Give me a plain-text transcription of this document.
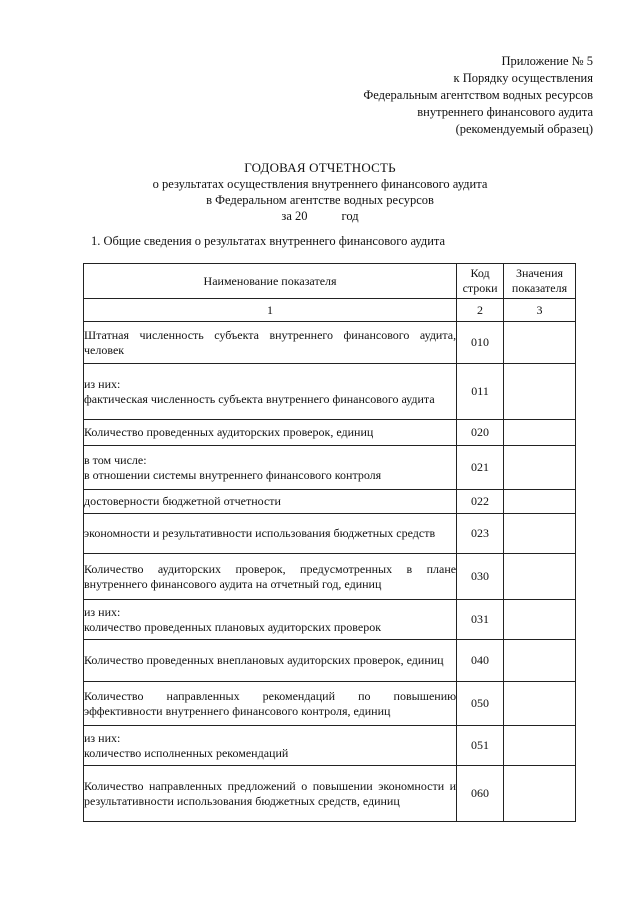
Приложение № 5
к Порядку осуществления
Федеральным агентством водных ресурсов
внутреннего финансового аудита
(рекомендуемый образец)
ГОДОВАЯ ОТЧЕТНОСТЬ
о результатах осуществления внутреннего финансового аудита
в Федеральном агентстве водных ресурсов
за 20	год
1. Общие сведения о результатах внутреннего финансового аудита
Наименование показателя	Код строки	Значения показателя
1	2	3

Штатная численность субъекта внутреннего финансового аудита, человек	010	

из них:
фактическая численность субъекта внутреннего финансового аудита	011	

Количество проведенных аудиторских проверок, единиц	020	

в том числе:
в отношении системы внутреннего финансового контроля	021	

достоверности бюджетной отчетности	022	

экономности и результативности использования бюджетных средств	023	

Количество аудиторских проверок, предусмотренных в плане внутреннего финансового аудита на отчетный год, единиц	030	

из них:
количество проведенных плановых аудиторских проверок	031	

Количество проведенных внеплановых аудиторских проверок, единиц	040	

Количество направленных рекомендаций по повышению эффективности внутреннего финансового контроля, единиц	050	

из них:
количество исполненных рекомендаций	051	

Количество направленных предложений о повышении экономности и результативности использования бюджетных средств, единиц	060	
